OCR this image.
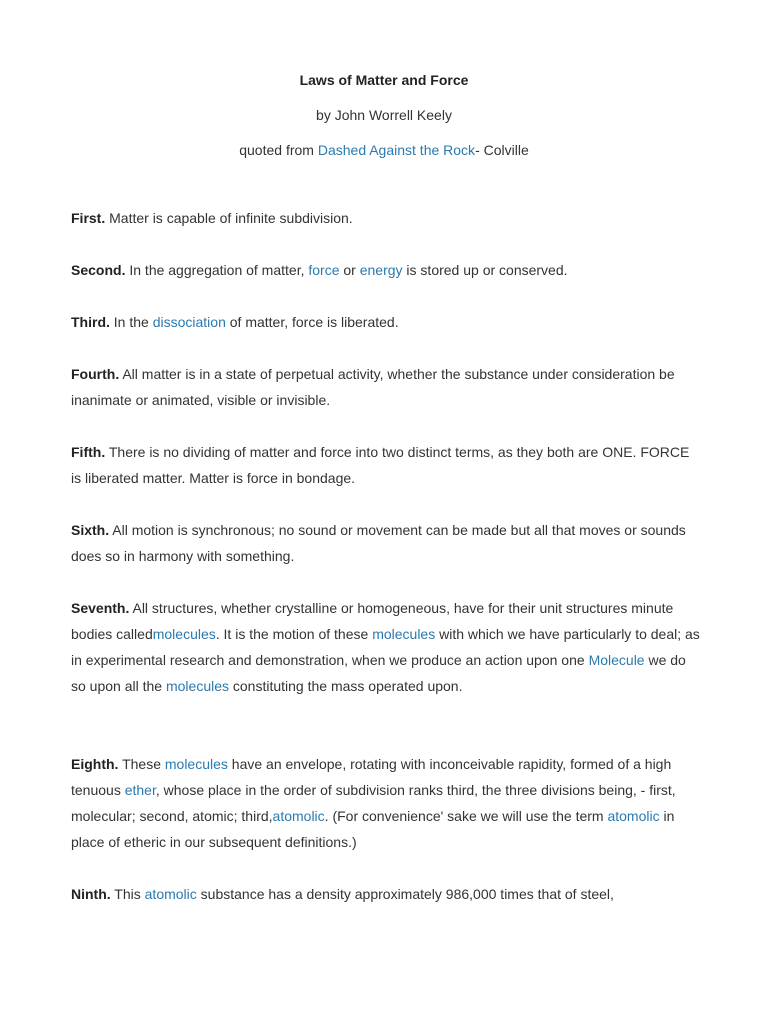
Laws of Matter and Force
by John Worrell Keely
quoted from Dashed Against the Rock- Colville
First. Matter is capable of infinite subdivision.
Second. In the aggregation of matter, force or energy is stored up or conserved.
Third. In the dissociation of matter, force is liberated.
Fourth. All matter is in a state of perpetual activity, whether the substance under consideration be inanimate or animated, visible or invisible.
Fifth. There is no dividing of matter and force into two distinct terms, as they both are ONE. FORCE is liberated matter. Matter is force in bondage.
Sixth. All motion is synchronous; no sound or movement can be made but all that moves or sounds does so in harmony with something.
Seventh. All structures, whether crystalline or homogeneous, have for their unit structures minute bodies calledmolecules. It is the motion of these molecules with which we have particularly to deal; as in experimental research and demonstration, when we produce an action upon one Molecule we do so upon all the molecules constituting the mass operated upon.
Eighth. These molecules have an envelope, rotating with inconceivable rapidity, formed of a high tenuous ether, whose place in the order of subdivision ranks third, the three divisions being, - first, molecular; second, atomic; third,atomolic. (For convenience' sake we will use the term atomolic in place of etheric in our subsequent definitions.)
Ninth. This atomolic substance has a density approximately 986,000 times that of steel,
